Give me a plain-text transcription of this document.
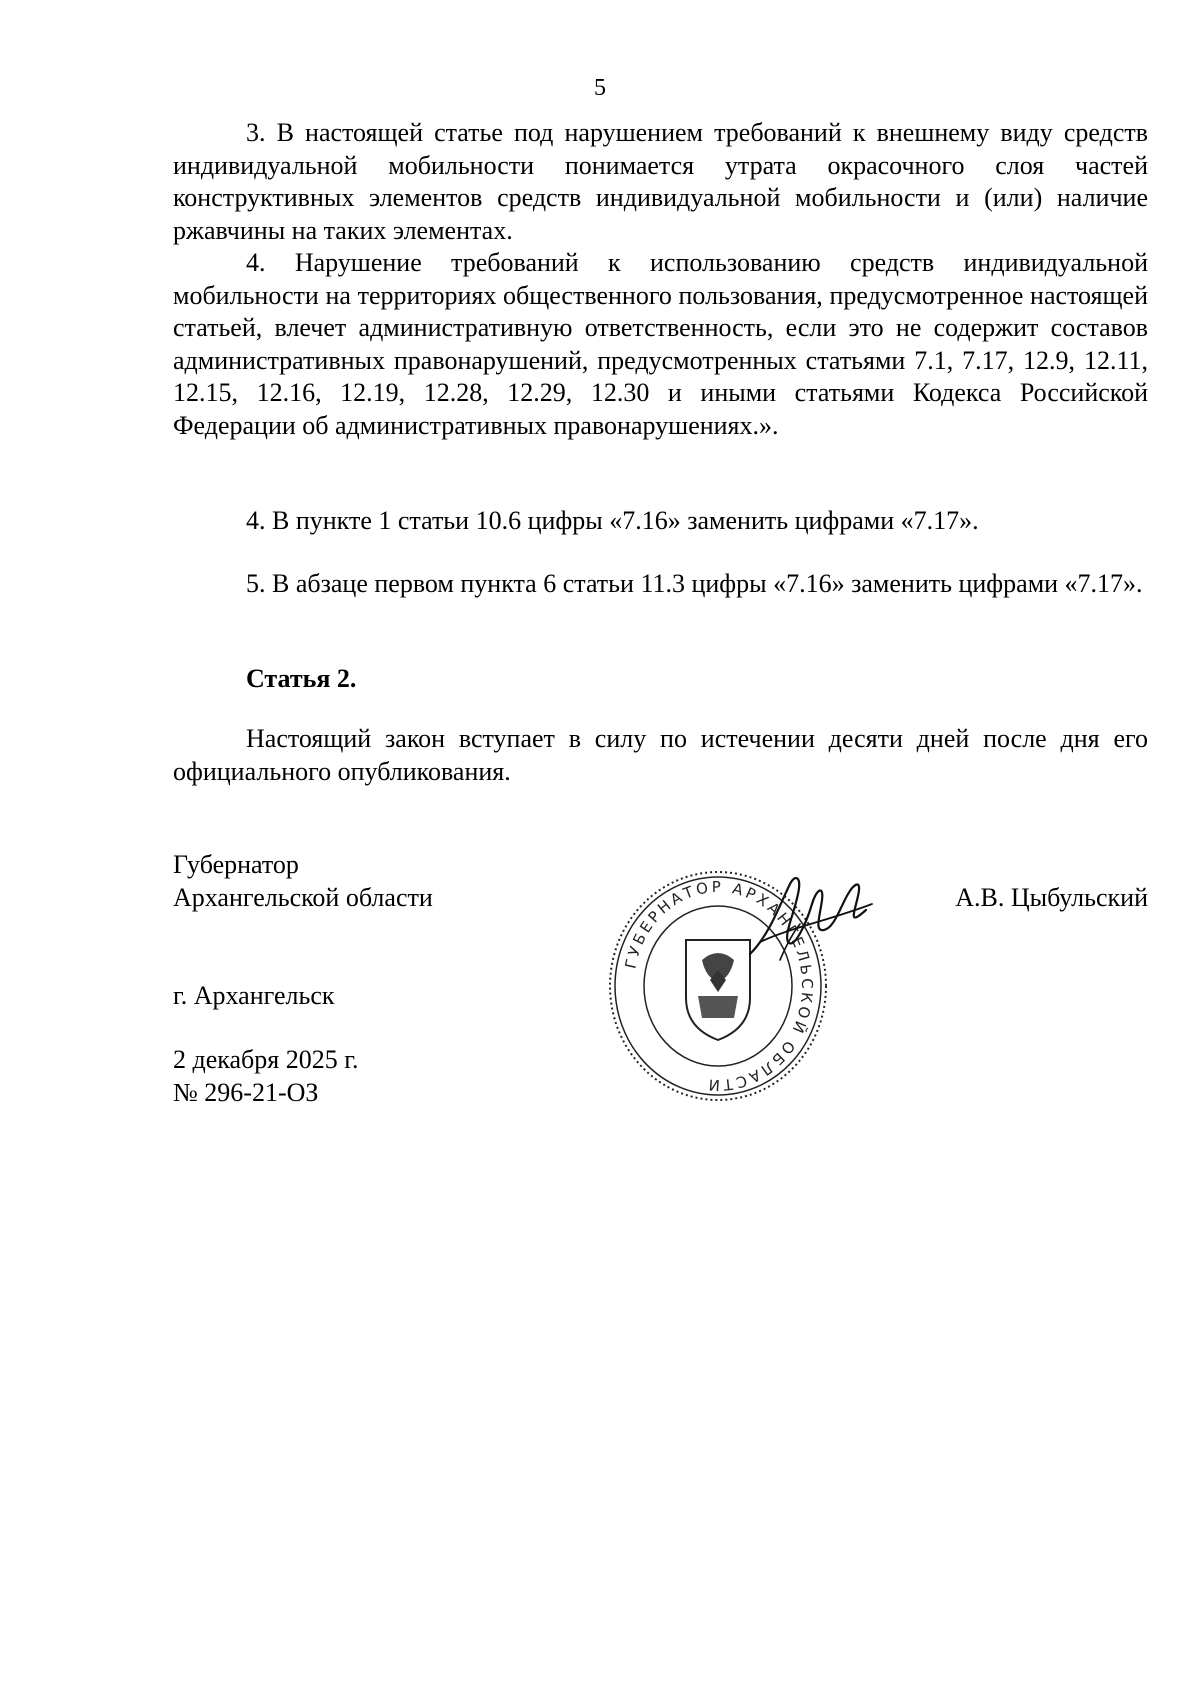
5

3. В настоящей статье под нарушением требований к внешнему виду средств индивидуальной мобильности понимается утрата окрасочного слоя частей конструктивных элементов средств индивидуальной мобильности и (или) наличие ржавчины на таких элементах.

4. Нарушение требований к использованию средств индивидуальной мобильности на территориях общественного пользования, предусмотренное настоящей статьей, влечет административную ответственность, если это не содержит составов административных правонарушений, предусмотренных статьями 7.1, 7.17, 12.9, 12.11, 12.15, 12.16, 12.19, 12.28, 12.29, 12.30 и иными статьями Кодекса Российской Федерации об административных правонарушениях.».

4. В пункте 1 статьи 10.6 цифры «7.16» заменить цифрами «7.17».

5. В абзаце первом пункта 6 статьи 11.3 цифры «7.16» заменить цифрами «7.17».

Статья 2.

Настоящий закон вступает в силу по истечении десяти дней после дня его официального опубликования.

Губернатор
Архангельской области	А.В. Цыбульский
г. Архангельск
2 декабря 2025 г.
№ 296-21-ОЗ
ГУБЕРНАТОР АРХАНГЕЛЬСКОЙ ОБЛАСТИ
